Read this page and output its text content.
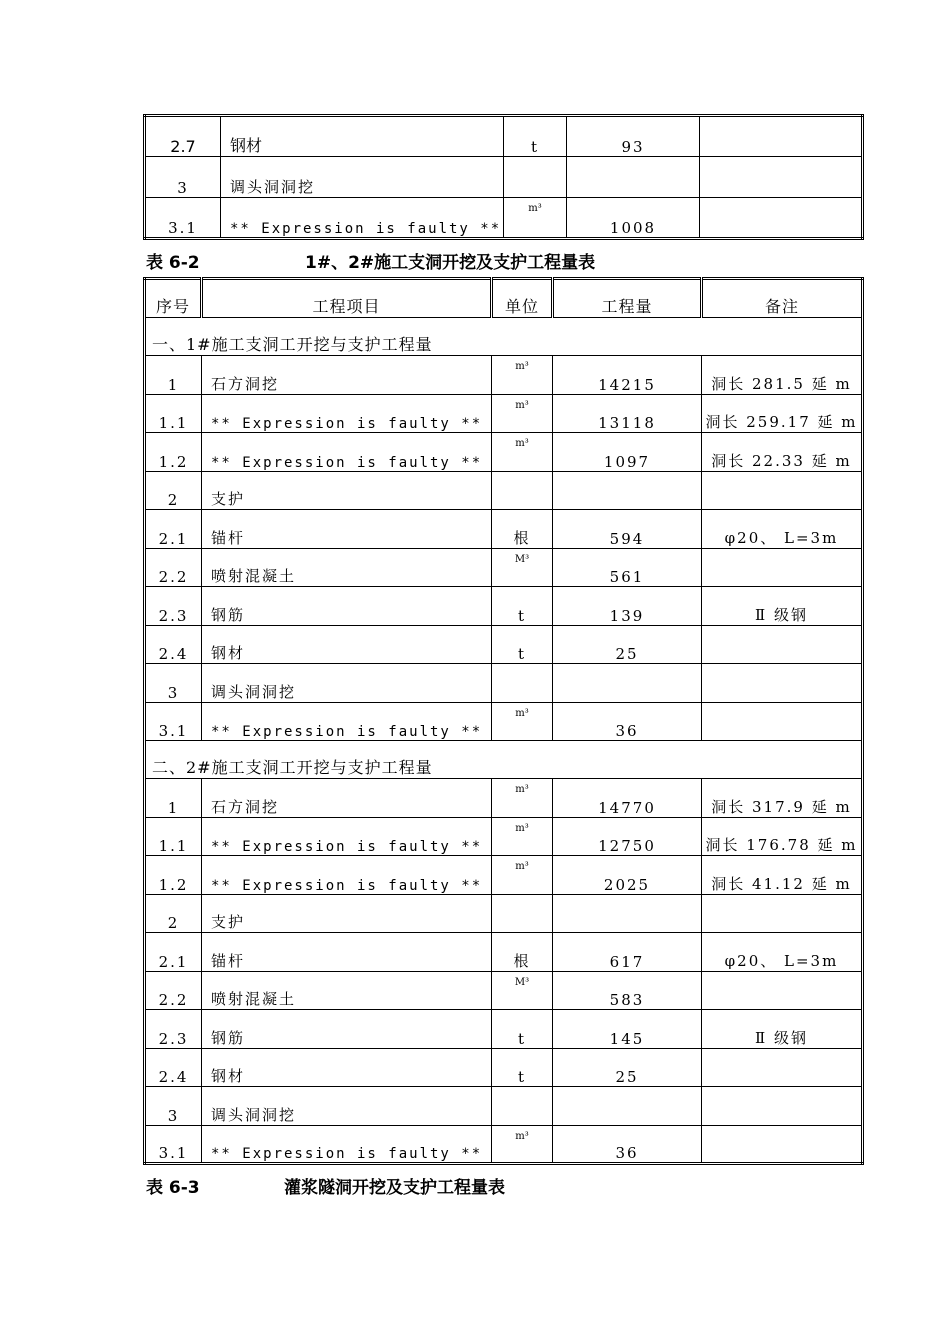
2.7	钢材	t	93	
3	调头洞洞挖			
3.1	** Expression is faulty **	m³	1008	
表 6-2	1#、2#施工支洞开挖及支护工程量表
序号	工程项目	单位	工程量	备注
一、1#施工支洞工开挖与支护工程量				
1	石方洞挖	m³	14215	洞长 281.5 延 m
1.1	** Expression is faulty **	m³	13118	洞长 259.17 延 m
1.2	** Expression is faulty **	m³	1097	洞长 22.33 延 m
2	支护			
2.1	锚杆	根	594	φ20、 L=3m
2.2	喷射混凝土	M³	561	
2.3	钢筋	t	139	Ⅱ 级钢
2.4	钢材	t	25	
3	调头洞洞挖			
3.1	** Expression is faulty **	m³	36	
二、2#施工支洞工开挖与支护工程量				
1	石方洞挖	m³	14770	洞长 317.9 延 m
1.1	** Expression is faulty **	m³	12750	洞长 176.78 延 m
1.2	** Expression is faulty **	m³	2025	洞长 41.12 延 m
2	支护			
2.1	锚杆	根	617	φ20、 L=3m
2.2	喷射混凝土	M³	583	
2.3	钢筋	t	145	Ⅱ 级钢
2.4	钢材	t	25	
3	调头洞洞挖			
3.1	** Expression is faulty **	m³	36	
表 6-3	灌浆隧洞开挖及支护工程量表
